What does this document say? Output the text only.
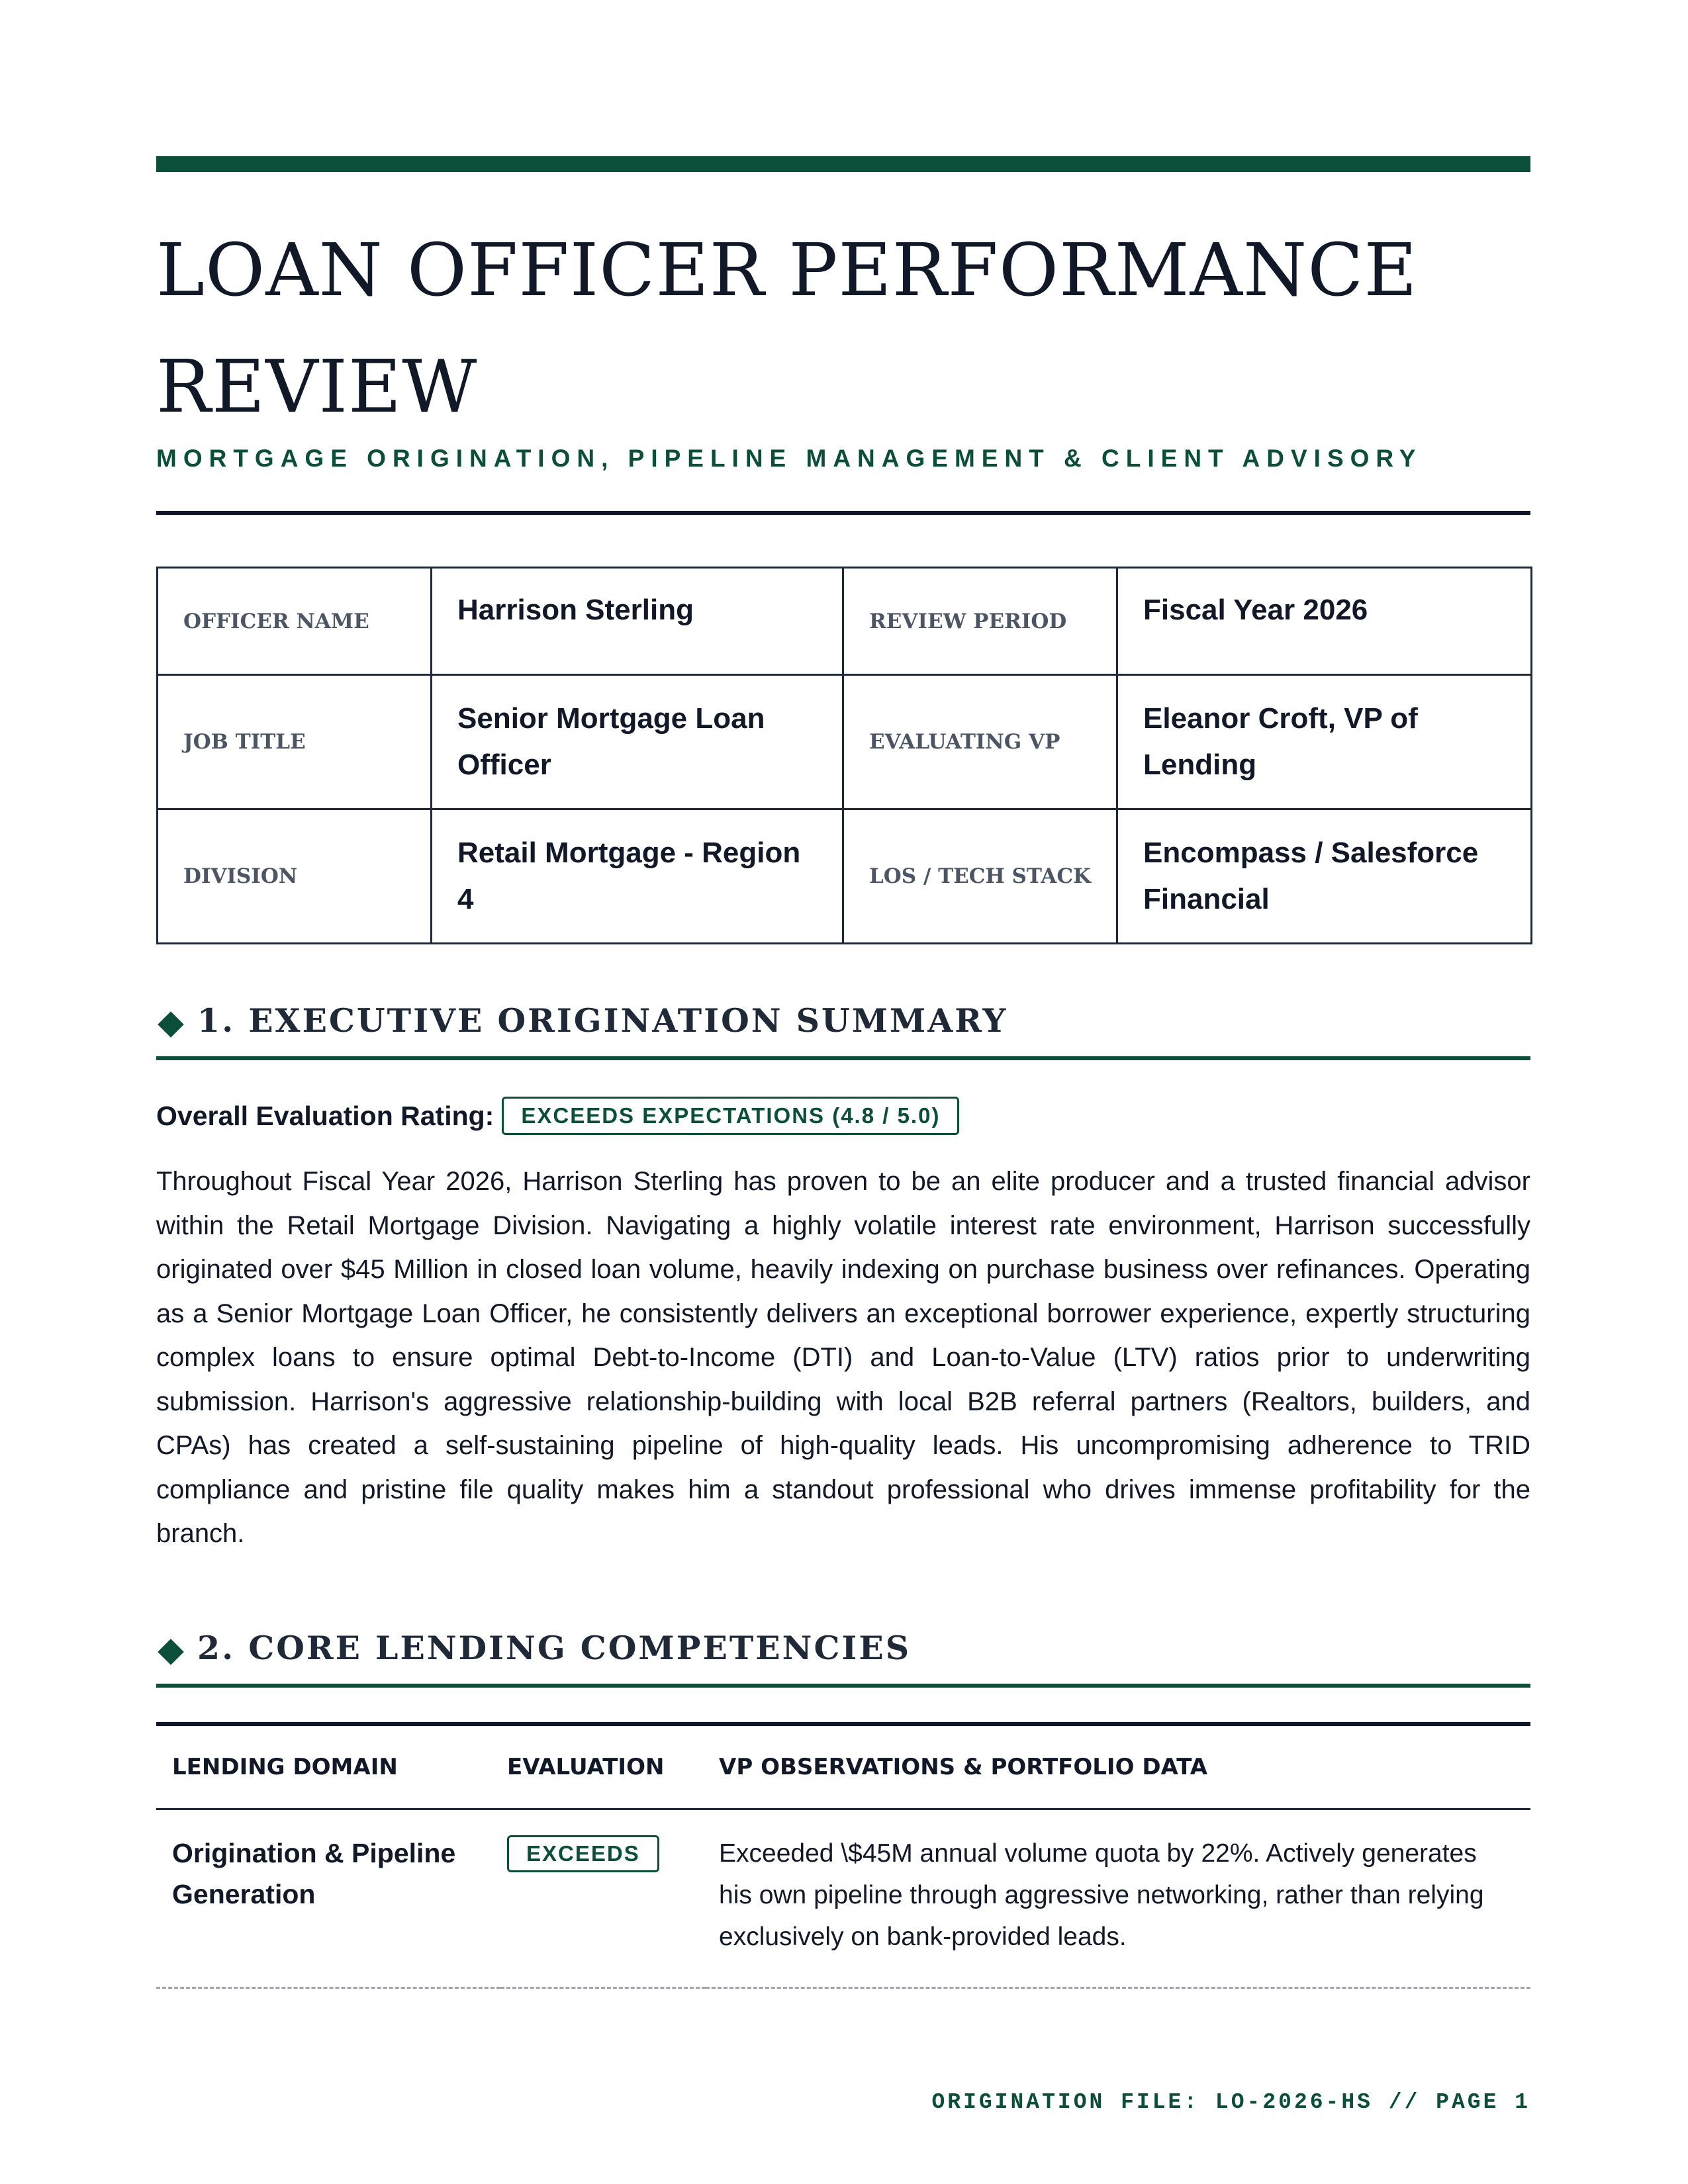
LOAN OFFICER PERFORMANCE REVIEW
MORTGAGE ORIGINATION, PIPELINE MANAGEMENT & CLIENT ADVISORY
OFFICER NAME	Harrison Sterling	REVIEW PERIOD	Fiscal Year 2026
JOB TITLE	Senior Mortgage Loan Officer	EVALUATING VP	Eleanor Croft, VP of Lending
DIVISION	Retail Mortgage - Region 4	LOS / TECH STACK	Encompass / Salesforce Financial
1. EXECUTIVE ORIGINATION SUMMARY
Overall Evaluation Rating:	EXCEEDS EXPECTATIONS (4.8 / 5.0)

Throughout Fiscal Year 2026, Harrison Sterling has proven to be an elite producer and a trusted financial advisor within the Retail Mortgage Division. Navigating a highly volatile interest rate environment, Harrison successfully originated over $45 Million in closed loan volume, heavily indexing on purchase business over refinances. Operating as a Senior Mortgage Loan Officer, he consistently delivers an exceptional borrower experience, expertly structuring complex loans to ensure optimal Debt-to-Income (DTI) and Loan-to-Value (LTV) ratios prior to underwriting submission. Harrison's aggressive relationship-building with local B2B referral partners (Realtors, builders, and CPAs) has created a self-sustaining pipeline of high-quality leads. His uncompromising adherence to TRID compliance and pristine file quality makes him a standout professional who drives immense profitability for the branch.

2. CORE LENDING COMPETENCIES
LENDING DOMAIN	EVALUATION	VP OBSERVATIONS & PORTFOLIO DATA
Origination & Pipeline Generation	EXCEEDS	Exceeded \$45M annual volume quota by 22%. Actively generates his own pipeline through aggressive networking, rather than relying exclusively on bank-provided leads.
ORIGINATION FILE: LO-2026-HS // PAGE 1
